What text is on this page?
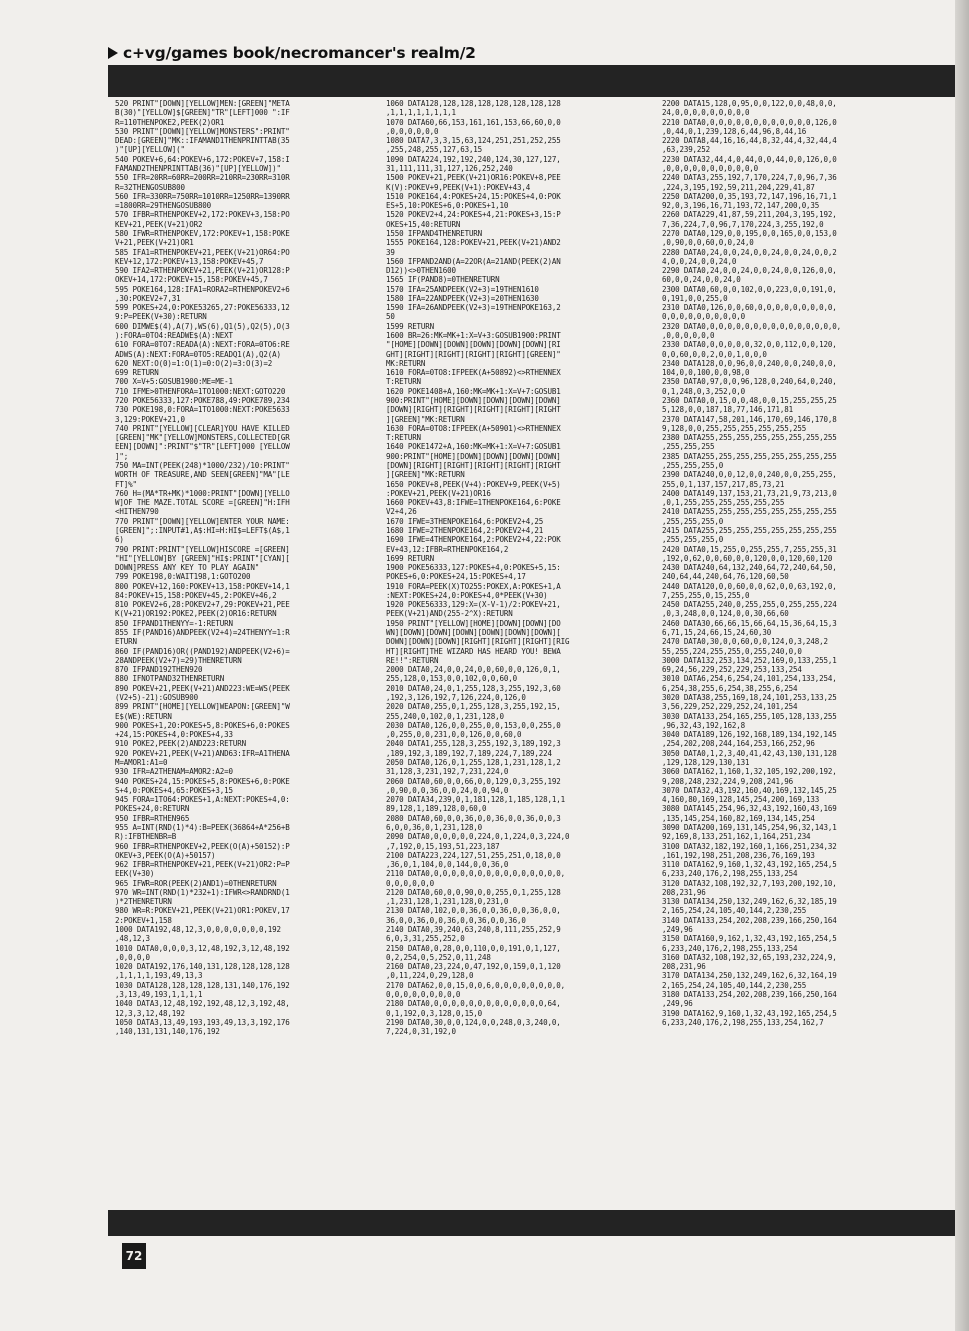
c+vg/games book/necromancer's realm/2
520 PRINT"[DOWN][YELLOW]MEN:[GREEN]"META
B(30)"[YELLOW]$[GREEN]"TR"[LEFT]000 ":IF
R=110THENPOKE2,PEEK(2)OR1
530 PRINT"[DOWN][YELLOW]MONSTERS":PRINT"
DEAD:[GREEN]"MK::IFAMAND1THENPRINTTAB(35
)"[UP][YELLOW]("
540 POKEV+6,64:POKEV+6,172:POKEV+7,158:I
FAMAND2THENPRINTTAB(36)"[UP][YELLOW])"
550 IFR=20RR=60RR=200RR=210RR=230RR=310R
R=32THENGOSUB800
560 IFR=330RR=750RR=1010RR=1250RR=1390RR
=1800RR=29THENGOSUB800
570 IFBR=RTHENPOKEV+2,172:POKEV+3,158:PO
KEV+21,PEEK(V+21)OR2
580 IFWR=RTHENPOKEV,172:POKEV+1,158:POKE
V+21,PEEK(V+21)OR1
585 IFA1=RTHENPOKEV+21,PEEK(V+21)OR64:PO
KEV+12,172:POKEV+13,158:POKEV+45,7
590 IFA2=RTHENPOKEV+21,PEEK(V+21)OR128:P
OKEV+14,172:POKEV+15,158:POKEV+45,7
595 POKE164,128:IFA1=RORA2=RTHENPOKEV2+6
,30:POKEV2+7,31
599 POKES+24,0:POKE53265,27:POKE56333,12
9:P=PEEK(V+30):RETURN
600 DIMWE$(4),A(7),WS(6),Q1(5),Q2(5),O(3
):FORA=0TO4:READWE$(A):NEXT
610 FORA=0TO7:READA(A):NEXT:FORA=0TO6:RE
ADWS(A):NEXT:FORA=0TO5:READQ1(A),Q2(A)
620 NEXT:O(0)=1:O(1)=0:O(2)=3:O(3)=2
699 RETURN
700 X=V+5:GOSUB1900:ME=ME-1
710 IFME>0THENFORA=1TO1000:NEXT:GOTO220
720 POKE56333,127:POKE788,49:POKE789,234
730 POKE198,0:FORA=1TO1000:NEXT:POKE5633
3,129:POKEV+21,0
740 PRINT"[YELLOW][CLEAR]YOU HAVE KILLED
[GREEN]"MK"[YELLOW]MONSTERS,COLLECTED[GR
EEN][DOWN]":PRINT"$"TR"[LEFT]000 [YELLOW
]";
750 MA=INT(PEEK(248)*1000/232)/10:PRINT"
WORTH OF TREASURE,AND SEEN[GREEN]"MA"[LE
FT]%"
760 H=(MA*TR+MK)*1000:PRINT"[DOWN][YELLO
W]OF THE MAZE.TOTAL SCORE =[GREEN]"H:IFH
<HITHEN790
770 PRINT"[DOWN][YELLOW]ENTER YOUR NAME:
[GREEN]";:INPUT#1,A$:HI=H:HI$=LEFT$(A$,1
6)
790 PRINT:PRINT"[YELLOW]HISCORE =[GREEN]
"HI"[YELLOW]BY [GREEN]"HI$:PRINT"[CYAN][
DOWN]PRESS ANY KEY TO PLAY AGAIN"
799 POKE198,0:WAIT198,1:GOTO200
800 POKEV+12,160:POKEV+13,158:POKEV+14,1
84:POKEV+15,158:POKEV+45,2:POKEV+46,2
810 POKEV2+6,28:POKEV2+7,29:POKEV+21,PEE
K(V+21)OR192:POKE2,PEEK(2)OR16:RETURN
850 IFPAND1THENYY=-1:RETURN
855 IF(PAND16)ANDPEEK(V2+4)=24THENYY=1:R
ETURN
860 IF(PAND16)OR((PAND192)ANDPEEK(V2+6)=
28ANDPEEK(V2+7)=29)THENRETURN
870 IFPAND192THEN920
880 IFNOTPAND32THENRETURN
890 POKEV+21,PEEK(V+21)AND223:WE=WS(PEEK
(V2+5)-21):GOSUB900
899 PRINT"[HOME][YELLOW]WEAPON:[GREEN]"W
E$(WE):RETURN
900 POKES+1,20:POKES+5,8:POKES+6,0:POKES
+24,15:POKES+4,0:POKES+4,33
910 POKE2,PEEK(2)AND223:RETURN
920 POKEV+21,PEEK(V+21)AND63:IFR=A1THENA
M=AMOR1:A1=0
930 IFR=A2THENAM=AMOR2:A2=0
940 POKES+24,15:POKES+5,8:POKES+6,0:POKE
S+4,0:POKES+4,65:POKES+3,15
945 FORA=1TO64:POKES+1,A:NEXT:POKES+4,0:
POKES+24,0:RETURN
950 IFBR=RTHEN965
955 A=INT(RND(1)*4):B=PEEK(36864+A*256+B
R):IFBTHENBR=B
960 IFBR=RTHENPOKEV+2,PEEK(O(A)+50152):P
OKEV+3,PEEK(O(A)+50157)
962 IFBR=RTHENPOKEV+21,PEEK(V+21)OR2:P=P
EEK(V+30)
965 IFWR=ROR(PEEK(2)AND1)=0THENRETURN
970 WR=INT(RND(1)*232+1):IFWR<>RANDRND(1
)*2THENRETURN
980 WR=R:POKEV+21,PEEK(V+21)OR1:POKEV,17
2:POKEV+1,158
1000 DATA192,48,12,3,0,0,0,0,0,0,0,192
,48,12,3
1010 DATA0,0,0,0,3,12,48,192,3,12,48,192
,0,0,0,0
1020 DATA192,176,140,131,128,128,128,128
,1,1,1,1,193,49,13,3
1030 DATA128,128,128,128,131,140,176,192
,3,13,49,193,1,1,1,1
1040 DATA3,12,48,192,192,48,12,3,192,48,
12,3,3,12,48,192
1050 DATA3,13,49,193,193,49,13,3,192,176
,140,131,131,140,176,192
1060 DATA128,128,128,128,128,128,128,128
,1,1,1,1,1,1,1,1
1070 DATA60,66,153,161,161,153,66,60,0,0
,0,0,0,0,0,0
1080 DATA7,3,3,15,63,124,251,251,252,255
,255,248,255,127,63,15
1090 DATA224,192,192,240,124,30,127,127,
31,111,111,31,127,126,252,240
1500 POKEV+21,PEEK(V+21)OR16:POKEV+8,PEE
K(V):POKEV+9,PEEK(V+1):POKEV+43,4
1510 POKE164,4:POKES+24,15:POKES+4,0:POK
ES+5,10:POKES+6,0:POKES+1,10
1520 POKEV2+4,24:POKES+4,21:POKES+3,15:P
OKES+15,40:RETURN
1550 IFPAND4THENRETURN
1555 POKE164,128:POKEV+21,PEEK(V+21)AND2
39
1560 IFPAND2AND(A=22OR(A=21AND(PEEK(2)AN
D12))<>0THEN1600
1565 IF(PAND8)=0THENRETURN
1570 IFA=25ANDPEEK(V2+3)=19THEN1610
1580 IFA=22ANDPEEK(V2+3)=20THEN1630
1590 IFA=26ANDPEEK(V2+3)=19THENPOKE163,2
50
1599 RETURN
1600 BR=26:MK=MK+1:X=V+3:GOSUB1900:PRINT
"[HOME][DOWN][DOWN][DOWN][DOWN][DOWN][RI
GHT][RIGHT][RIGHT][RIGHT][RIGHT][GREEN]"
MK:RETURN
1610 FORA=0TO8:IFPEEK(A+50892)<>RTHENNEX
T:RETURN
1620 POKE1408+A,160:MK=MK+1:X=V+7:GOSUB1
900:PRINT"[HOME][DOWN][DOWN][DOWN][DOWN]
[DOWN][RIGHT][RIGHT][RIGHT][RIGHT][RIGHT
][GREEN]"MK:RETURN
1630 FORA=0TO8:IFPEEK(A+50901)<>RTHENNEX
T:RETURN
1640 POKE1472+A,160:MK=MK+1:X=V+7:GOSUB1
900:PRINT"[HOME][DOWN][DOWN][DOWN][DOWN]
[DOWN][RIGHT][RIGHT][RIGHT][RIGHT][RIGHT
][GREEN]"MK:RETURN
1650 POKEV+8,PEEK(V+4):POKEV+9,PEEK(V+5)
:POKEV+21,PEEK(V+21)OR16
1660 POKEV+43,8:IFWE=1THENPOKE164,6:POKE
V2+4,26
1670 IFWE=3THENPOKE164,6:POKEV2+4,25
1680 IFWE=2THENPOKE164,2:POKEV2+4,21
1690 IFWE=4THENPOKE164,2:POKEV2+4,22:POK
EV+43,12:IFBR=RTHENPOKE164,2
1699 RETURN
1900 POKE56333,127:POKES+4,0:POKES+5,15:
POKES+6,0:POKES+24,15:POKES+4,17
1910 FORA=PEEK(X)TO255:POKEX,A:POKES+1,A
:NEXT:POKES+24,0:POKES+4,0*PEEK(V+30)
1920 POKE56333,129:X=(X-V-1)/2:POKEV+21,
PEEK(V+21)AND(255-2^X):RETURN
1950 PRINT"[YELLOW][HOME][DOWN][DOWN][DO
WN][DOWN][DOWN][DOWN][DOWN][DOWN][DOWN][
DOWN][DOWN][DOWN][RIGHT][RIGHT][RIGHT][RIG
HT][RIGHT]THE WIZARD HAS HEARD YOU! BEWA
RE!!":RETURN
2000 DATA0,24,0,0,24,0,0,60,0,0,126,0,1,
255,128,0,153,0,0,102,0,0,60,0
2010 DATA0,24,0,1,255,128,3,255,192,3,60
,192,3,126,192,7,126,224,0,126,0
2020 DATA0,255,0,1,255,128,3,255,192,15,
255,240,0,102,0,1,231,128,0
2030 DATA0,126,0,0,255,0,0,153,0,0,255,0
,0,255,0,0,231,0,0,126,0,0,60,0
2040 DATA1,255,128,3,255,192,3,189,192,3
,189,192,3,189,192,7,189,224,7,189,224
2050 DATA0,126,0,1,255,128,1,231,128,1,2
31,128,3,231,192,7,231,224,0
2060 DATA0,60,0,0,66,0,0,129,0,3,255,192
,0,90,0,0,36,0,0,24,0,0,94,0
2070 DATA34,239,0,1,181,128,1,185,128,1,1
89,128,1,189,128,0,60,0
2080 DATA0,60,0,0,36,0,0,36,0,0,36,0,0,3
6,0,0,36,0,1,231,128,0
2090 DATA0,0,0,0,0,0,224,0,1,224,0,3,224,0
,7,192,0,15,193,51,223,187
2100 DATA223,224,127,51,255,251,0,18,0,0
,36,0,1,104,0,0,144,0,0,36,0
2110 DATA0,0,0,0,0,0,0,0,0,0,0,0,0,0,0,0,
0,0,0,0,0,0
2120 DATA0,60,0,0,90,0,0,255,0,1,255,128
,1,231,128,1,231,128,0,231,0
2130 DATA0,102,0,0,36,0,0,36,0,0,36,0,0,
36,0,0,36,0,0,36,0,0,36,0,0,36,0
2140 DATA0,39,240,63,240,8,111,255,252,9
6,0,3,31,255,252,0
2150 DATA0,0,28,0,0,110,0,0,191,0,1,127,
0,2,254,0,5,252,0,11,248
2160 DATA0,23,224,0,47,192,0,159,0,1,120
,0,11,224,0,29,128,0
2170 DATA62,0,0,15,0,0,6,0,0,0,0,0,0,0,0,
0,0,0,0,0,0,0,0,0
2180 DATA0,0,0,0,0,0,0,0,0,0,0,0,0,0,64,
0,1,192,0,3,128,0,15,0
2190 DATA0,30,0,0,124,0,0,248,0,3,240,0,
7,224,0,31,192,0
2200 DATA15,128,0,95,0,0,122,0,0,48,0,0,
24,0,0,0,0,0,0,0,0,0
2210 DATA0,0,0,0,0,0,0,0,0,0,0,0,0,126,0
,0,44,0,1,239,128,6,44,96,8,44,16
2220 DATA8,44,16,16,44,8,32,44,4,32,44,4
,63,239,252
2230 DATA32,44,4,0,44,0,0,44,0,0,126,0,0
,0,0,0,0,0,0,0,0,0,0,0
2240 DATA3,255,192,7,170,224,7,0,96,7,36
,224,3,195,192,59,211,204,229,41,87
2250 DATA200,0,35,193,72,147,196,16,71,1
92,0,3,196,16,71,193,72,147,200,0,35
2260 DATA229,41,87,59,211,204,3,195,192,
7,36,224,7,0,96,7,170,224,3,255,192,0
2270 DATA0,129,0,0,195,0,0,165,0,0,153,0
,0,90,0,0,60,0,0,24,0
2280 DATA0,24,0,0,24,0,0,24,0,0,24,0,0,2
4,0,0,24,0,0,24,0
2290 DATA0,24,0,0,24,0,0,24,0,0,126,0,0,
60,0,0,24,0,0,24,0
2300 DATA0,60,0,0,102,0,0,223,0,0,191,0,
0,191,0,0,255,0
2310 DATA0,126,0,0,60,0,0,0,0,0,0,0,0,0,
0,0,0,0,0,0,0,0,0,0
2320 DATA0,0,0,0,0,0,0,0,0,0,0,0,0,0,0,0,
,0,0,0,0,0,0
2330 DATA0,0,0,0,0,0,32,0,0,112,0,0,120,
0,0,60,0,0,2,0,0,1,0,0,0
2340 DATA128,0,0,96,0,0,240,0,0,240,0,0,
104,0,0,100,0,0,98,0
2350 DATA0,97,0,0,96,128,0,240,64,0,240,
0,1,248,0,3,252,0,0
2360 DATA0,0,15,0,0,48,0,0,15,255,255,25
5,128,0,0,187,18,77,146,171,81
2370 DATA147,58,201,146,170,69,146,170,8
9,128,0,0,255,255,255,255,255,255
2380 DATA255,255,255,255,255,255,255,255
,255,255,255
2385 DATA255,255,255,255,255,255,255,255
,255,255,255,0
2390 DATA240,0,0,12,0,0,240,0,0,255,255,
255,0,1,137,157,217,85,73,21
2400 DATA149,137,153,21,73,21,9,73,213,0
,0,1,255,255,255,255,255,255
2410 DATA255,255,255,255,255,255,255,255
,255,255,255,0
2415 DATA255,255,255,255,255,255,255,255
,255,255,255,0
2420 DATA0,15,255,0,255,255,7,255,255,31
,192,0,62,0,0,60,0,0,120,0,0,120,60,120
2430 DATA240,64,132,240,64,72,240,64,50,
240,64,44,240,64,76,120,60,50
2440 DATA120,0,0,60,0,0,62,0,0,63,192,0,
7,255,255,0,15,255,0
2450 DATA255,240,0,255,255,0,255,255,224
,0,3,248,0,0,124,0,0,30,66,60
2460 DATA30,66,66,15,66,64,15,36,64,15,3
6,71,15,24,66,15,24,60,30
2470 DATA0,30,0,0,60,0,0,124,0,3,248,2
55,255,224,255,255,0,255,240,0,0
3000 DATA132,253,134,252,169,0,133,255,1
69,24,56,229,252,229,253,133,254
3010 DATA6,254,6,254,24,101,254,133,254,
6,254,38,255,6,254,38,255,6,254
3020 DATA38,255,169,18,24,101,253,133,25
3,56,229,252,229,252,24,101,254
3030 DATA133,254,165,255,105,128,133,255
,96,32,43,192,162,8
3040 DATA189,126,192,168,189,134,192,145
,254,202,208,244,164,253,166,252,96
3050 DATA0,1,2,3,40,41,42,43,130,131,128
,129,128,129,130,131
3060 DATA162,1,160,1,32,105,192,200,192,
9,208,248,232,224,9,208,241,96
3070 DATA32,43,192,160,40,169,132,145,25
4,160,80,169,128,145,254,200,169,133
3080 DATA145,254,96,32,43,192,160,43,169
,135,145,254,160,82,169,134,145,254
3090 DATA200,169,131,145,254,96,32,143,1
92,169,8,133,251,162,1,164,251,234
3100 DATA32,182,192,160,1,166,251,234,32
,161,192,198,251,208,236,76,169,193
3110 DATA162,9,160,1,32,43,192,165,254,5
6,233,240,176,2,198,255,133,254
3120 DATA32,108,192,32,7,193,200,192,10,
208,231,96
3130 DATA134,250,132,249,162,6,32,185,19
2,165,254,24,105,40,144,2,230,255
3140 DATA133,254,202,208,239,166,250,164
,249,96
3150 DATA160,9,162,1,32,43,192,165,254,5
6,233,240,176,2,198,255,133,254
3160 DATA32,108,192,32,65,193,232,224,9,
208,231,96
3170 DATA134,250,132,249,162,6,32,164,19
2,165,254,24,105,40,144,2,230,255
3180 DATA133,254,202,208,239,166,250,164
,249,96
3190 DATA162,9,160,1,32,43,192,165,254,5
6,233,240,176,2,198,255,133,254,162,7
72
